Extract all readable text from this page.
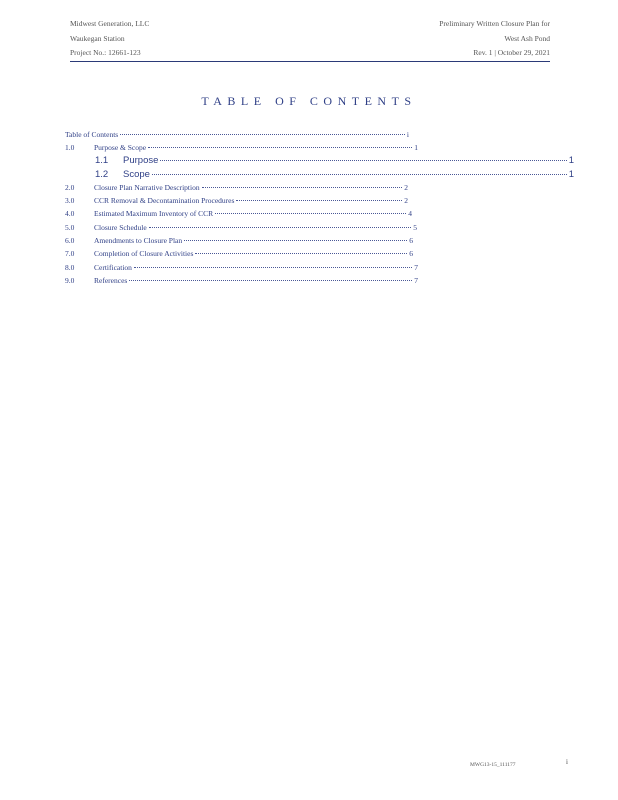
Midwest Generation, LLC
Waukegan Station
Project No.: 12661-123
Preliminary Written Closure Plan for
West Ash Pond
Rev. 1 | October 29, 2021
TABLE OF CONTENTS
Table of Contents	i
1.0	Purpose & Scope	1
1.1	Purpose	1
1.2	Scope	1
2.0	Closure Plan Narrative Description	2
3.0	CCR Removal & Decontamination Procedures	2
4.0	Estimated Maximum Inventory of CCR	4
5.0	Closure Schedule	5
6.0	Amendments to Closure Plan	6
7.0	Completion of Closure Activities	6
8.0	Certification	7
9.0	References	7
MWG13-15_111177	i
